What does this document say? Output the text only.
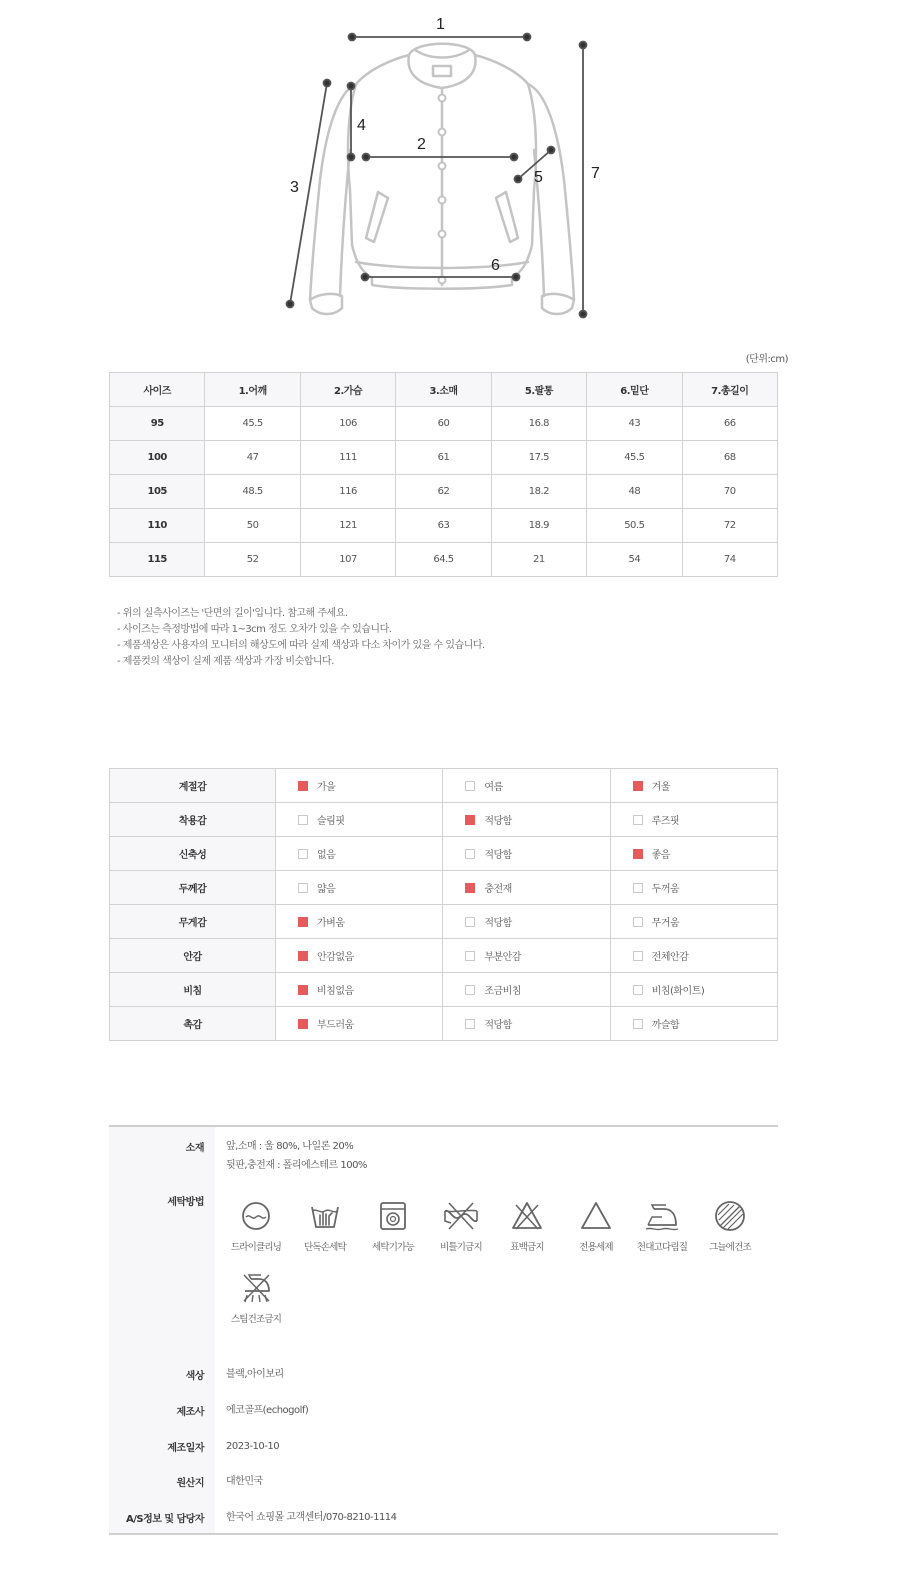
1
2
3
4
5
6
7
(단위:cm)
사이즈	1.어깨	2.가슴	3.소매	5.팔통	6.밑단	7.총길이
95	45.5	106	60	16.8	43	66
100	47	111	61	17.5	45.5	68
105	48.5	116	62	18.2	48	70
110	50	121	63	18.9	50.5	72
115	52	107	64.5	21	54	74
- 위의 실측사이즈는 '단면의 길이'입니다. 참고해 주세요.
- 사이즈는 측정방법에 따라 1~3cm 정도 오차가 있을 수 있습니다.
- 제품색상은 사용자의 모니터의 해상도에 따라 실제 색상과 다소 차이가 있을 수 있습니다.
- 제품컷의 색상이 실제 제품 색상과 가장 비슷합니다.
계절감	가을	여름	겨울

착용감	슬림핏	적당함	루즈핏

신축성	없음	적당함	좋음

두께감	얇음	충전재	두꺼움

무게감	가벼움	적당함	무거움

안감	안감없음	부분안감	전체안감

비침	비침없음	조금비침	비침(화이트)

촉감	부드러움	적당함	까슬함
소재 앞,소매 : 울 80%, 나일론 20%
뒷판,충전재 : 폴리에스테르 100%
세탁방법
드라이클리닝	단독손세탁	세탁기가능	비틀기금지	표백금지	전용세제	천대고다림질	그늘에건조
스팀건조금지
색상 블랙,아이보리
제조사 에코골프(echogolf)
제조일자 2023-10-10
원산지 대한민국
A/S정보 및 담당자 한국어 쇼핑몰 고객센터/070-8210-1114
